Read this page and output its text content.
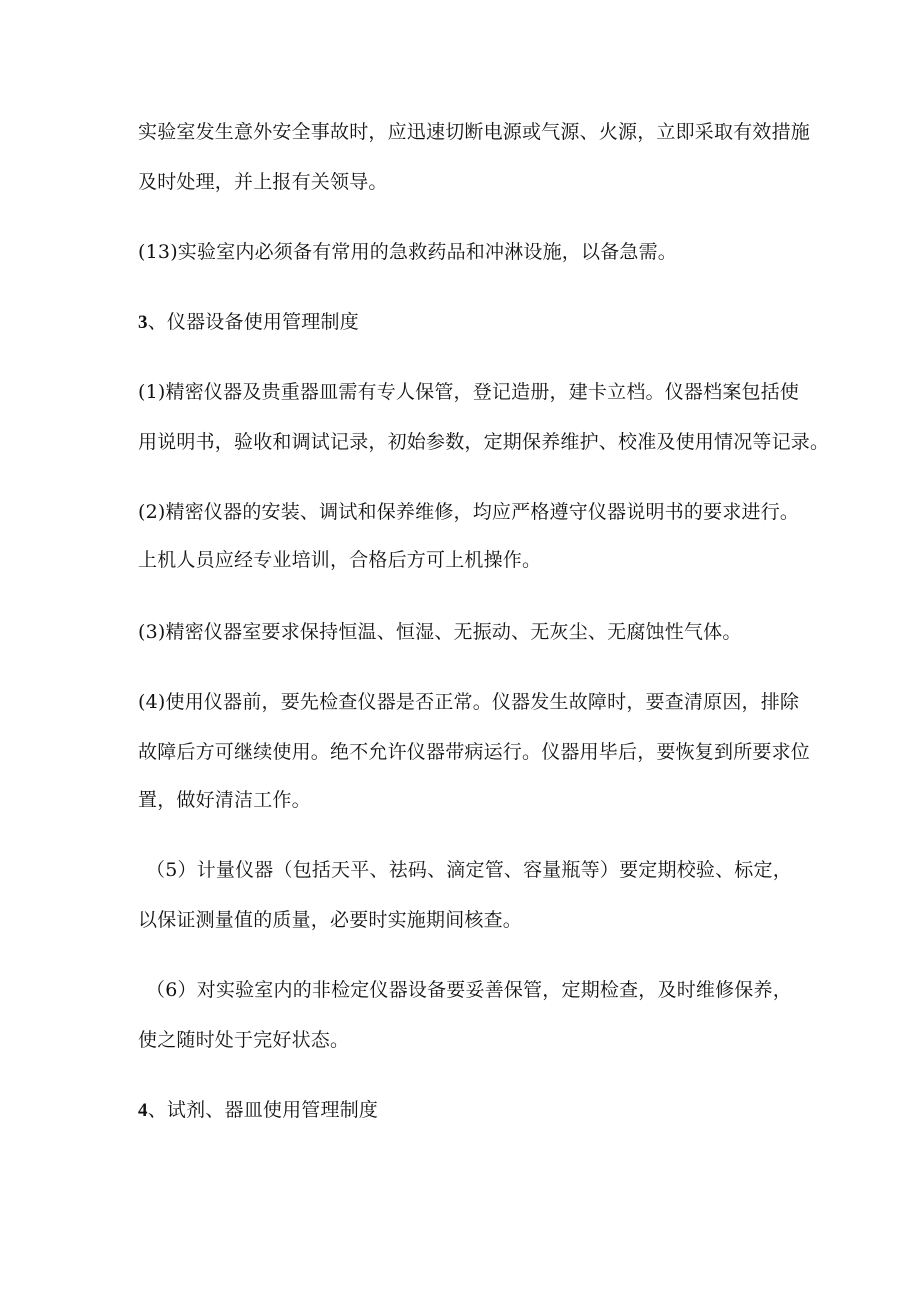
实验室发生意外安全事故时，应迅速切断电源或气源、火源，立即采取有效措施
及时处理，并上报有关领导。
(13)实验室内必须备有常用的急救药品和冲淋设施，以备急需。
3、仪器设备使用管理制度
(1)精密仪器及贵重器皿需有专人保管，登记造册，建卡立档。仪器档案包括使
用说明书，验收和调试记录，初始参数，定期保养维护、校准及使用情况等记录。
(2)精密仪器的安装、调试和保养维修，均应严格遵守仪器说明书的要求进行。
上机人员应经专业培训，合格后方可上机操作。
(3)精密仪器室要求保持恒温、恒湿、无振动、无灰尘、无腐蚀性气体。
(4)使用仪器前，要先检查仪器是否正常。仪器发生故障时，要查清原因，排除
故障后方可继续使用。绝不允许仪器带病运行。仪器用毕后，要恢复到所要求位
置，做好清洁工作。
（5）计量仪器（包括天平、祛码、滴定管、容量瓶等）要定期校验、标定，
以保证测量值的质量，必要时实施期间核查。
（6）对实验室内的非检定仪器设备要妥善保管，定期检查，及时维修保养，
使之随时处于完好状态。
4、试剂、器皿使用管理制度
